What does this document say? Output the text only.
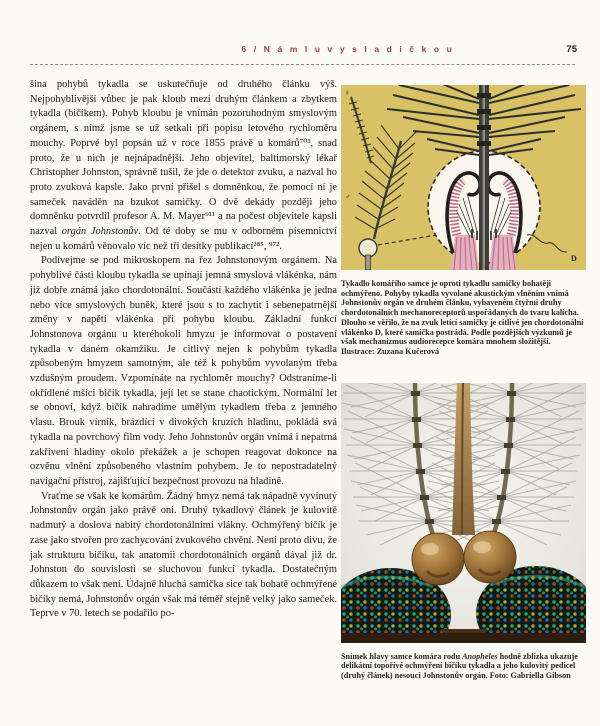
6 / N á m l u v y s l a d i č k o u	75

šina pohybů tykadla se uskutečňuje od druhého článku výš. Nejpohyblivější vůbec je pak kloub mezi druhým článkem a zbytkem tykadla (bičíkem). Pohyb kloubu je vnímán pozoruhodným smyslovým orgánem, s nímž jsme se už setkali při popisu letového rychloměru mouchy. Poprvé byl popsán už v roce 1855 právě u komárů⁷⁰³, snad proto, že u nich je nejnápadnější. Jeho objevitel, baltimorský lékař Christopher Johnston, správně tušil, že jde o detektor zvuku, a nazval ho proto zvuková kapsle. Jako první přišel s domněnkou, že pomocí ní je sameček naváděn na bzukot samičky. O dvě dekády později jeho domněnku potvrdil profesor A. M. Mayer⁹¹¹ a na počest objevitele kapsli nazval orgán Johnstonův. Od té doby se mu v odborném písemnictví nejen u komárů věnovalo víc než tři desítky publikací²⁸⁵, ⁹⁷².

Podívejme se pod mikroskopem na řez Johnstonovým orgánem. Na pohyblivé části kloubu tykadla se upínají jemná smyslová vlákénka, nám již dobře známá jako chordotonální. Součástí každého vlákénka je jedna nebo více smyslových buněk, které jsou s to zachytit i sebenepatrnější změny v napětí vlákénka při pohybu kloubu. Základní funkcí Johnstonova orgánu u kteréhokoli hmyzu je informovat o postavení tykadla v daném okamžiku. Je citlivý nejen k pohybům tykadla způsobeným hmyzem samotným, ale též k pohybům vyvolaným třeba vzdušným proudem. Vzpomínáte na rychloměr mouchy? Odstraníme-li okřídlené mšici bičík tykadla, její let se stane chaotickým. Normální let se obnoví, když bičík nahradíme umělým tykadlem třeba z jemného vlasu. Brouk vírník, brázdící v divokých kruzích hladinu, pokládá svá tykadla na povrchový film vody. Jeho Johnstonův orgán vnímá i nepatrná zakřivení hladiny okolo překážek a je schopen reagovat dokonce na ozvěnu vlnění způsobeného vlastním pohybem. Je to nepostradatelný navigační přístroj, zajišťující bezpečnost provozu na hladině.

Vraťme se však ke komárům. Žádný hmyz nemá tak nápadně vyvinutý Johnstonův orgán jako právě oni. Druhý tykadlový článek je kulovitě nadmutý a doslova nabitý chordotonálními vlákny. Ochmýřený bičík je zase jako stvořen pro zachycování zvukového chvění. Není proto divu, že jak strukturu bičíku, tak anatomii chordotonálních orgánů dával již dr. Johnston do souvislosti se sluchovou funkcí tykadla. Dostatečným důkazem to však není. Údajně hluchá samička sice tak bohatě ochmýřené bičíky nemá, Johnstonův orgán však má téměř stejně velký jako sameček. Teprve v 70. letech se podařilo po-

♀
♂
D
Tykadlo komářího samce je oproti tykadlu samičky bohatěji ochmýřeno. Pohyby tykadla vyvolané akustickým vlněním vnímá Johnstonův orgán ve druhém článku, vybaveném čtyřmi druhy chordotonálních mechanoreceptorů uspořádaných do tvaru kalicha. Dlouho se věřilo, že na zvuk letící samičky je citlivé jen chordotonální vlákénko D, které samička postrádá. Podle pozdějších výzkumů je však mechanizmus audiorecepce komára mnohem složitější. Ilustrace: Zuzana Kučerová
Snímek hlavy samce komára rodu Anopheles hodně zblízka ukazuje delikátní topořivé ochmýření bičíku tykadla a jeho kulovitý pedicel (druhý článek) nesoucí Johnstonův orgán. Foto: Gabriella Gibson
